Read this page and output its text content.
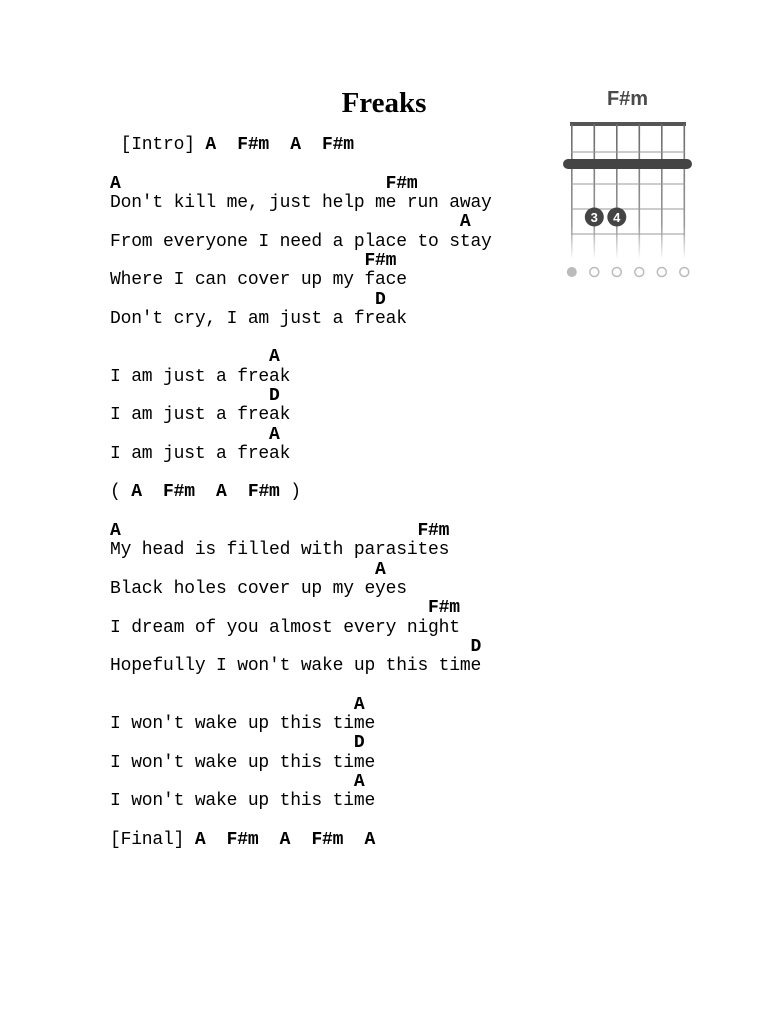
Freaks
[Intro] A  F#m  A  F#m
A                         F#m
Don't kill me, just help me run away
A
From everyone I need a place to stay
F#m
Where I can cover up my face
D
Don't cry, I am just a freak
A
I am just a freak
D
I am just a freak
A
I am just a freak
( A  F#m  A  F#m )
A                            F#m
My head is filled with parasites
A
Black holes cover up my eyes
F#m
I dream of you almost every night
D
Hopefully I won't wake up this time
A
I won't wake up this time
D
I won't wake up this time
A
I won't wake up this time
[Final] A  F#m  A  F#m  A
F#m
3 4
